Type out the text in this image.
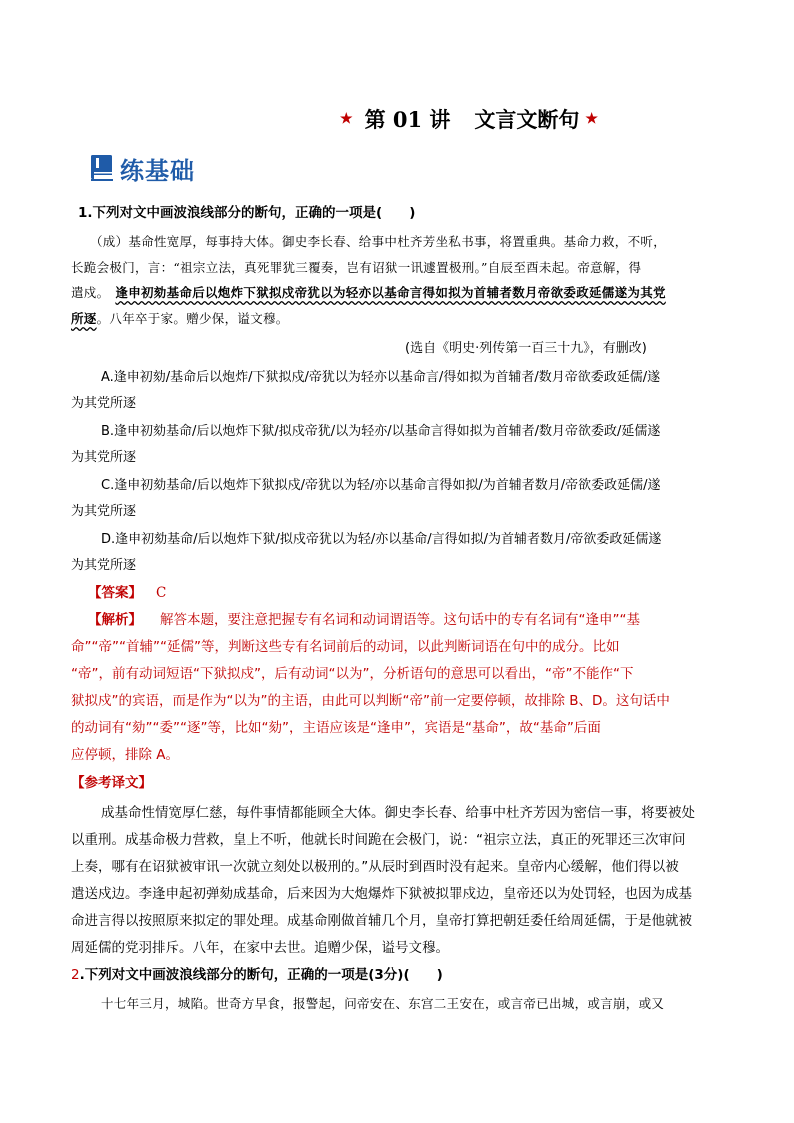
★ 第 01 讲 文言文断句 ★
练基础
1.下列对文中画波浪线部分的断句，正确的一项是(　　)
（成）基命性宽厚，每事持大体。御史李长春、给事中杜齐芳坐私书事，将置重典。基命力救，不听，
长跪会极门，言：“祖宗立法，真死罪犹三覆奏，岂有诏狱一讯遽置极刑。”自辰至酉未起。帝意解，得
遣戍。 逢申初劾基命后以炮炸下狱拟戍帝犹以为轻亦以基命言得如拟为首辅者数月帝欲委政延儒遂为其党
所逐。八年卒于家。赠少保，谥文穆。
(选自《明史·列传第一百三十九》，有删改)
A.逢申初劾/基命后以炮炸/下狱拟戍/帝犹以为轻亦以基命言/得如拟为首辅者/数月帝欲委政延儒/遂
为其党所逐
B.逢申初劾基命/后以炮炸下狱/拟戍帝犹/以为轻亦/以基命言得如拟为首辅者/数月帝欲委政/延儒遂
为其党所逐
C.逢申初劾基命/后以炮炸下狱拟戍/帝犹以为轻/亦以基命言得如拟/为首辅者数月/帝欲委政延儒/遂
为其党所逐
D.逢申初劾基命/后以炮炸下狱/拟戍帝犹以为轻/亦以基命/言得如拟/为首辅者数月/帝欲委政延儒遂
为其党所逐
【答案】 C
【解析】 解答本题，要注意把握专有名词和动词谓语等。这句话中的专有名词有“逢申”“基
命”“帝”“首辅”“延儒”等，判断这些专有名词前后的动词，以此判断词语在句中的成分。比如
“帝”，前有动词短语“下狱拟戍”，后有动词“以为”，分析语句的意思可以看出，“帝”不能作“下
狱拟戍”的宾语，而是作为“以为”的主语，由此可以判断“帝”前一定要停顿，故排除 B、D。这句话中
的动词有“劾”“委”“逐”等，比如“劾”，主语应该是“逢申”，宾语是“基命”，故“基命”后面
应停顿，排除 A。
【参考译文】
成基命性情宽厚仁慈，每件事情都能顾全大体。御史李长春、给事中杜齐芳因为密信一事，将要被处
以重刑。成基命极力营救，皇上不听，他就长时间跪在会极门，说：“祖宗立法，真正的死罪还三次审问
上奏，哪有在诏狱被审讯一次就立刻处以极刑的。”从辰时到酉时没有起来。皇帝内心缓解，他们得以被
遣送戍边。李逢申起初弹劾成基命，后来因为大炮爆炸下狱被拟罪戍边，皇帝还以为处罚轻，也因为成基
命进言得以按照原来拟定的罪处理。成基命刚做首辅几个月，皇帝打算把朝廷委任给周延儒，于是他就被
周延儒的党羽排斥。八年，在家中去世。追赠少保，谥号文穆。
2.下列对文中画波浪线部分的断句，正确的一项是(3分)(　　)
十七年三月，城陷。世奇方早食，报警起，问帝安在、东宫二王安在，或言帝已出城，或言崩，或又
